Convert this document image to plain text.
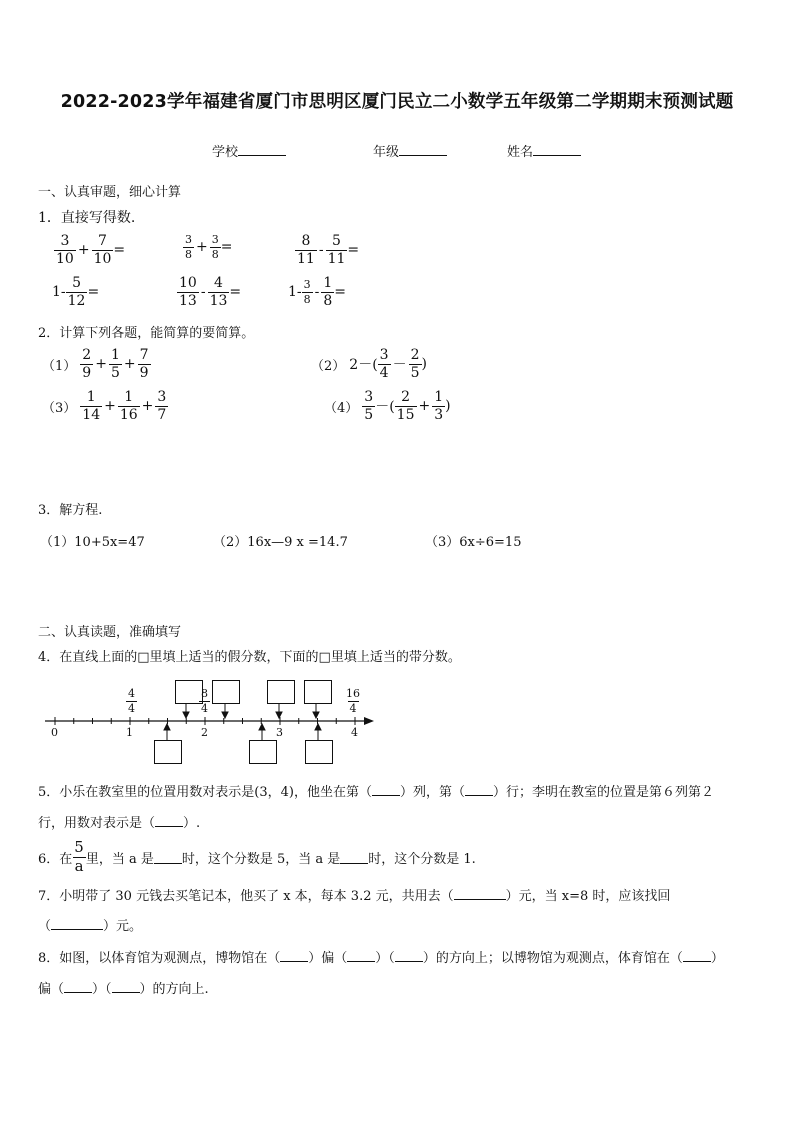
2022-2023学年福建省厦门市思明区厦门民立二小数学五年级第二学期期末预测试题
学校	年级	姓名
一、认真审题，细心计算
1．直接写得数.
$\frac{3}{10} + \frac{7}{10}$ =	$\frac{3}{8} + \frac{3}{8}$ =	$\frac{8}{11} - \frac{5}{11}$ =
$1- \frac{5}{12}$ =	$\frac{10}{13} - \frac{4}{13}$ =	$1- \frac{3}{8} - \frac{1}{8}$ =
2．计算下列各题，能简算的要简算。
$(1) \frac{2}{9} + \frac{1}{5} + \frac{7}{9}$	（2） $2-( \frac{3}{4} - \frac{2}{5}$ )
$(3) \frac{1}{14} + \frac{1}{16} + \frac{3}{7}$	$(4) \frac{3}{5}$ －( $\frac{2}{15} + \frac{1}{3}$ )
3．解方程.
（1）10+5x=47	（2）16x—9 x =14.7	（3）6x÷6=15
二、认真读题，准确填写
4．在直线上面的□里填上适当的假分数，下面的□里填上适当的带分数。
$\frac{4}{4}$	$\frac{8}{4}$	$\frac{16}{4}$
0	1	2	3	4
5．小乐在教室里的位置用数对表示是(3，4)，他坐在第（ ）列，第（ ）行；李明在教室的位置是第６列第２
行，用数对表示是（ ）.
6．在 $\frac{5}{a}$ 里，当 a 是 时，这个分数是 5，当 a 是 时，这个分数是 1.
7．小明带了 30 元钱去买笔记本，他买了 x 本，每本 3.2 元，共用去（	）元，当 x=8 时，应该找回
（	）元。
8．如图，以体育馆为观测点，博物馆在（ ）偏（ ）（ ）的方向上；以博物馆为观测点，体育馆在（ ）
偏（ ）（ ）的方向上.
